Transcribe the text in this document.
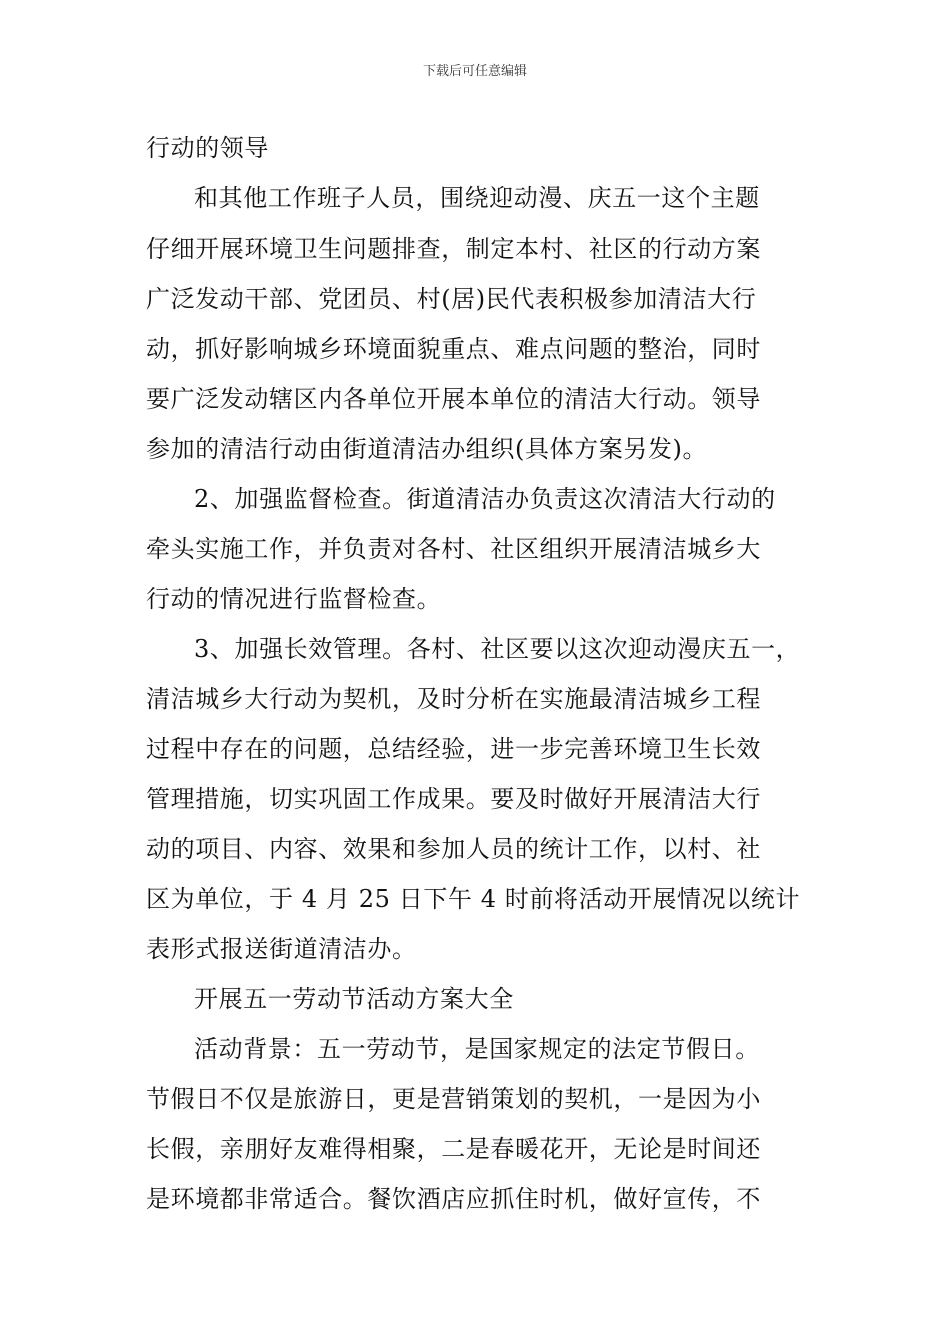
下载后可任意编辑
行动的领导
和其他工作班子人员，围绕迎动漫、庆五一这个主题
仔细开展环境卫生问题排查，制定本村、社区的行动方案
广泛发动干部、党团员、村(居)民代表积极参加清洁大行
动，抓好影响城乡环境面貌重点、难点问题的整治，同时
要广泛发动辖区内各单位开展本单位的清洁大行动。领导
参加的清洁行动由街道清洁办组织(具体方案另发)。
2、加强监督检查。街道清洁办负责这次清洁大行动的
牵头实施工作，并负责对各村、社区组织开展清洁城乡大
行动的情况进行监督检查。
3、加强长效管理。各村、社区要以这次迎动漫庆五一，
清洁城乡大行动为契机，及时分析在实施最清洁城乡工程
过程中存在的问题，总结经验，进一步完善环境卫生长效
管理措施，切实巩固工作成果。要及时做好开展清洁大行
动的项目、内容、效果和参加人员的统计工作，以村、社
区为单位，于 4 月 25 日下午 4 时前将活动开展情况以统计
表形式报送街道清洁办。
开展五一劳动节活动方案大全
活动背景：五一劳动节，是国家规定的法定节假日。
节假日不仅是旅游日，更是营销策划的契机，一是因为小
长假，亲朋好友难得相聚，二是春暖花开，无论是时间还
是环境都非常适合。餐饮酒店应抓住时机，做好宣传，不
